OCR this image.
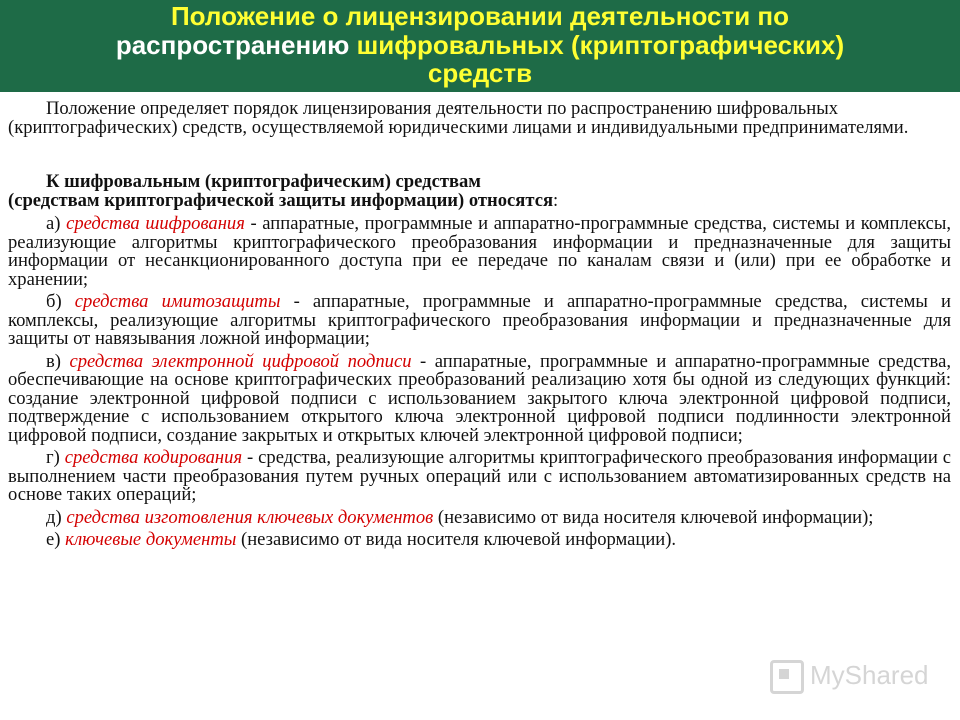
Положение о лицензировании деятельности по
распространению шифровальных (криптографических)
средств

Положение определяет порядок лицензирования деятельности по распространению шифровальных (криптографических) средств, осуществляемой юридическими лицами и индивидуальными предпринимателями.

К шифровальным (криптографическим) средствам
(средствам криптографической защиты информации) относятся:

а) средства шифрования - аппаратные, программные и аппаратно-программные средства, системы и комплексы, реализующие алгоритмы криптографического преобразования информации и предназначенные для защиты информации от несанкционированного доступа при ее передаче по каналам связи и (или) при ее обработке и хранении;

б) средства имитозащиты - аппаратные, программные и аппаратно-программные средства, системы и комплексы, реализующие алгоритмы криптографического преобразования информации и предназначенные для защиты от навязывания ложной информации;

в) средства электронной цифровой подписи - аппаратные, программные и аппаратно-программные средства, обеспечивающие на основе криптографических преобразований реализацию хотя бы одной из следующих функций: создание электронной цифровой подписи с использованием закрытого ключа электронной цифровой подписи, подтверждение с использованием открытого ключа электронной цифровой подписи подлинности электронной цифровой подписи, создание закрытых и открытых ключей электронной цифровой подписи;

г) средства кодирования - средства, реализующие алгоритмы криптографического преобразования информации с выполнением части преобразования путем ручных операций или с использованием автоматизированных средств на основе таких операций;

д) средства изготовления ключевых документов (независимо от вида носителя ключевой информации);

е) ключевые документы (независимо от вида носителя ключевой информации).

MyShared
